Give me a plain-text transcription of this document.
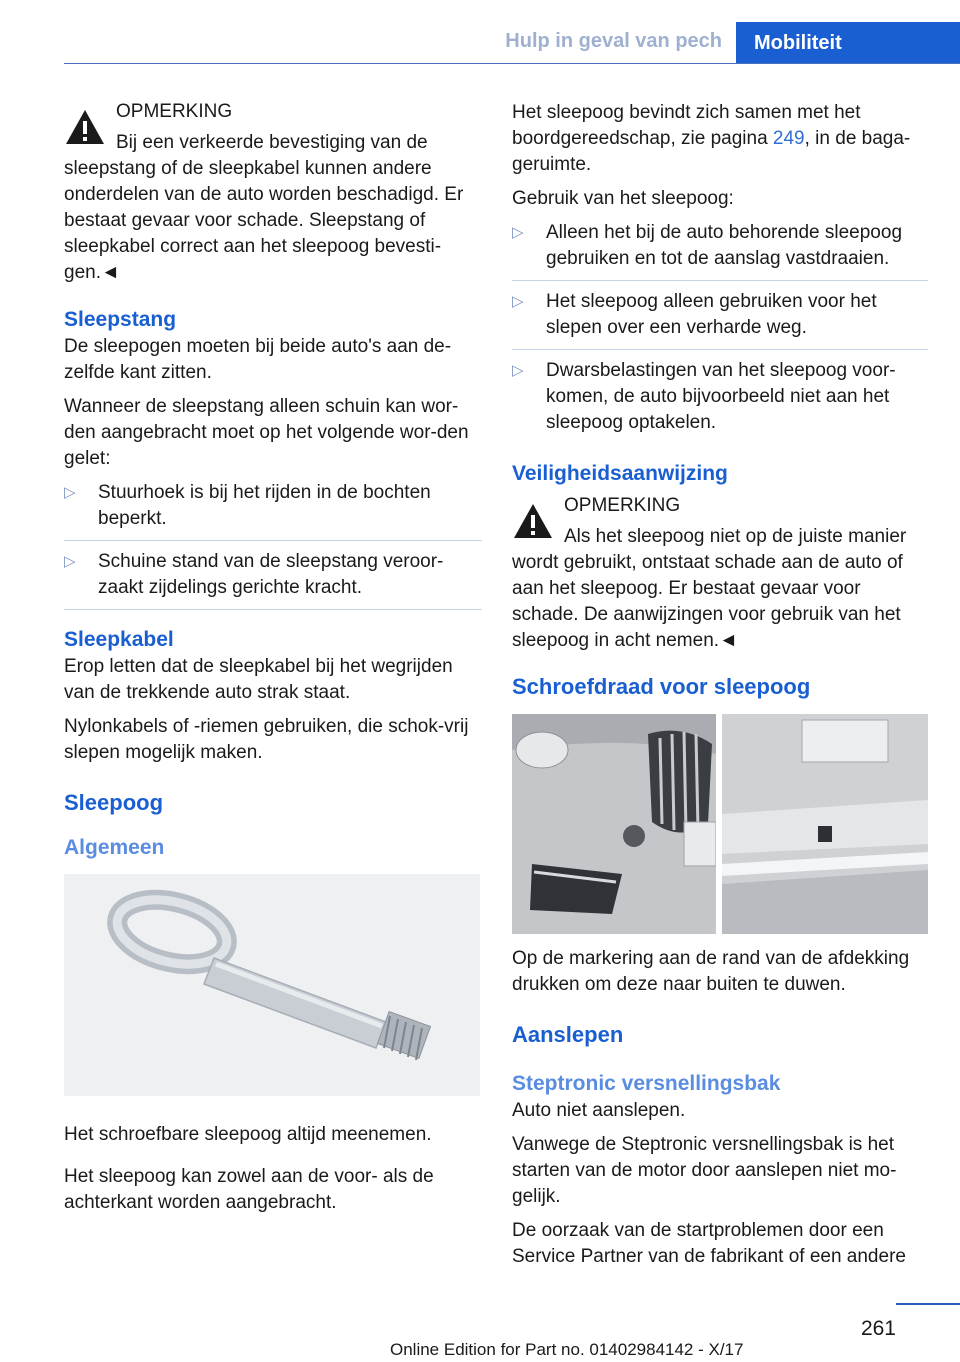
Hulp in geval van pech	Mobiliteit
OPMERKING

Bij een verkeerde bevestiging van de sleepstang of de sleepkabel kunnen andere onderdelen van de auto worden beschadigd. Er bestaat gevaar voor schade. Sleepstang of sleepkabel correct aan het sleepoog bevesti-gen.◄

Sleepstang

De sleepogen moeten bij beide auto's aan de-zelfde kant zitten.

Wanneer de sleepstang alleen schuin kan wor-den aangebracht moet op het volgende wor-den gelet:

▷ Stuurhoek is bij het rijden in de bochten beperkt.
▷ Schuine stand van de sleepstang veroor-zaakt zijdelings gerichte kracht.
Sleepkabel

Erop letten dat de sleepkabel bij het wegrijden van de trekkende auto strak staat.

Nylonkabels of -riemen gebruiken, die schok-vrij slepen mogelijk maken.

Sleepoog
Algemeen

Het schroefbare sleepoog altijd meenemen.

Het sleepoog kan zowel aan de voor- als de achterkant worden aangebracht.

Het sleepoog bevindt zich samen met het boordgereedschap, zie pagina 249, in de baga-geruimte.

Gebruik van het sleepoog:

▷ Alleen het bij de auto behorende sleepoog gebruiken en tot de aanslag vastdraaien.
▷ Het sleepoog alleen gebruiken voor het slepen over een verharde weg.
▷ Dwarsbelastingen van het sleepoog voor-komen, de auto bijvoorbeeld niet aan het sleepoog optakelen.
Veiligheidsaanwijzing
OPMERKING

Als het sleepoog niet op de juiste manier wordt gebruikt, ontstaat schade aan de auto of aan het sleepoog. Er bestaat gevaar voor schade. De aanwijzingen voor gebruik van het sleepoog in acht nemen.◄

Schroefdraad voor sleepoog

Op de markering aan de rand van de afdekking drukken om deze naar buiten te duwen.

Aanslepen
Steptronic versnellingsbak

Auto niet aanslepen.

Vanwege de Steptronic versnellingsbak is het starten van de motor door aanslepen niet mo-gelijk.

De oorzaak van de startproblemen door een Service Partner van de fabrikant of een andere

261
Online Edition for Part no. 01402984142 - X/17
